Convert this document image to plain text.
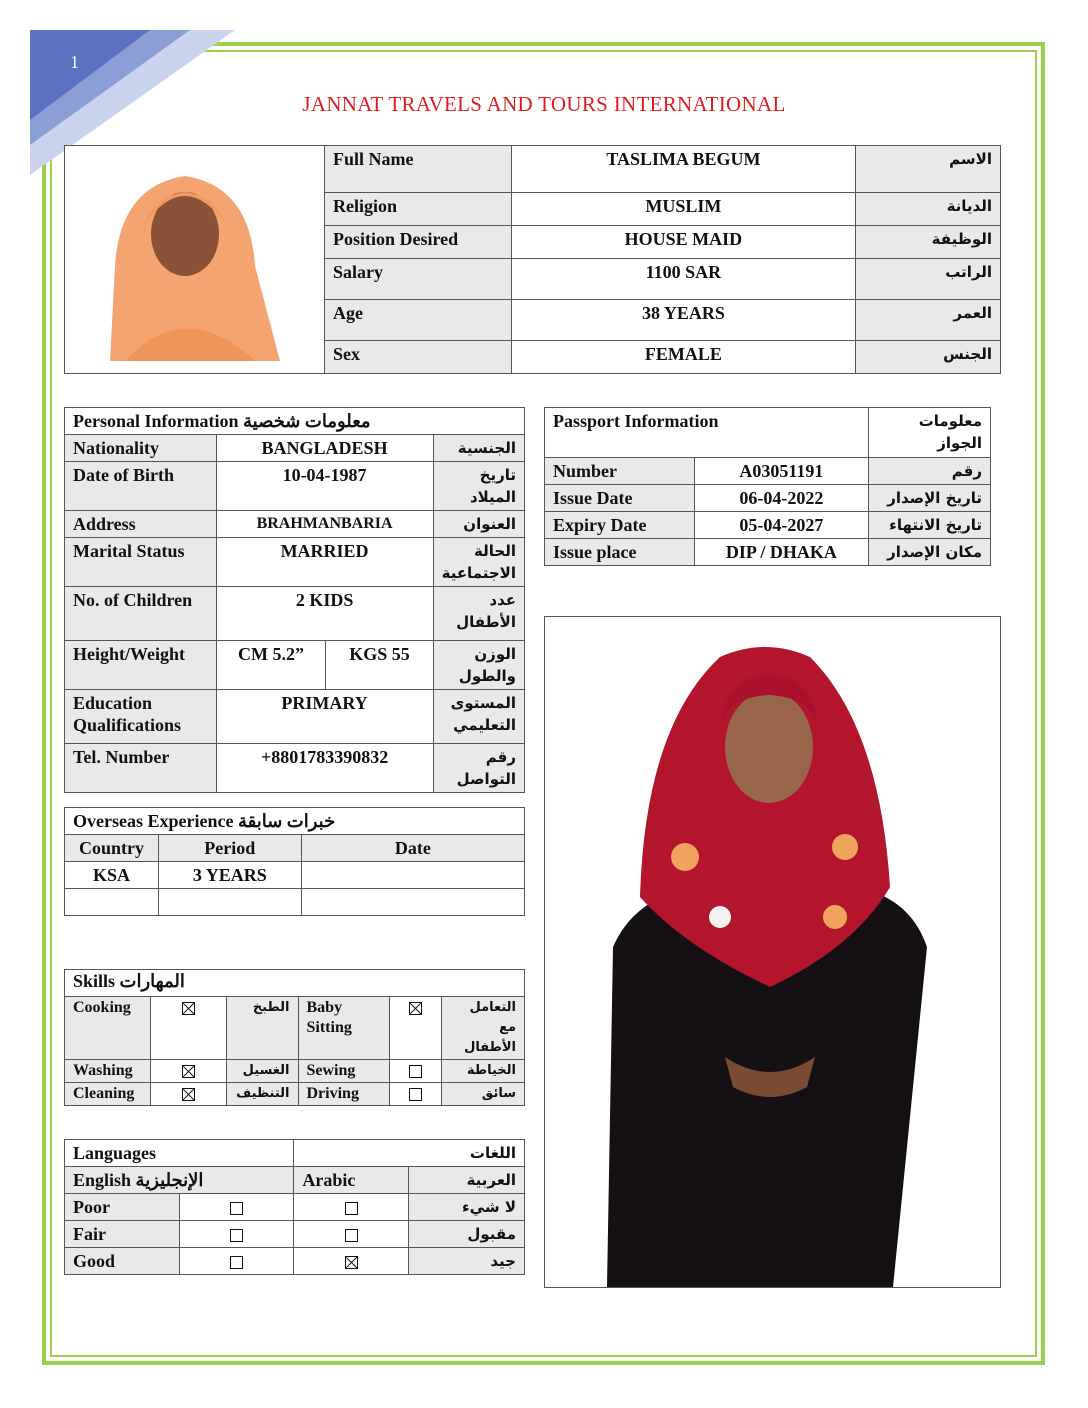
1
JANNAT TRAVELS AND TOURS INTERNATIONAL
	Full Name	TASLIMA BEGUM	الاسم
	Religion	MUSLIM	الديانة
	Position Desired	HOUSE MAID	الوظيفة
	Salary	1100 SAR	الراتب
	Age	38 YEARS	العمر
	Sex	FEMALE	الجنس
Personal Information معلومات شخصية			
Nationality	BANGLADESH		الجنسية
Date of Birth	10-04-1987		تاريخ الميلاد
Address	BRAHMANBARIA		العنوان
Marital Status	MARRIED		الحالة الاجتماعية
No. of Children	2 KIDS		عدد الأطفال
Height/Weight	CM 5.2”	KGS 55	الوزن والطول
Education Qualifications	PRIMARY		المستوى التعليمي
Tel. Number	+8801783390832		رقم التواصل
Passport Information		معلومات الجواز
Number	A03051191	رقم
Issue Date	06-04-2022	تاريخ الإصدار
Expiry Date	05-04-2027	تاريخ الانتهاء
Issue place	DIP / DHAKA	مكان الإصدار
Overseas Experience خبرات سابقة		
Country	Period	Date
KSA	3 YEARS	

Skills المهارات					
Cooking		الطبخ	Baby Sitting		التعامل مع الأطفال
Washing		الغسيل	Sewing		الخياطة
Cleaning		التنظيف	Driving		سائق
Languages		اللغات	
English الإنجليزية		Arabic	العربية
Poor			لا شيء
Fair			مقبول
Good			جيد
